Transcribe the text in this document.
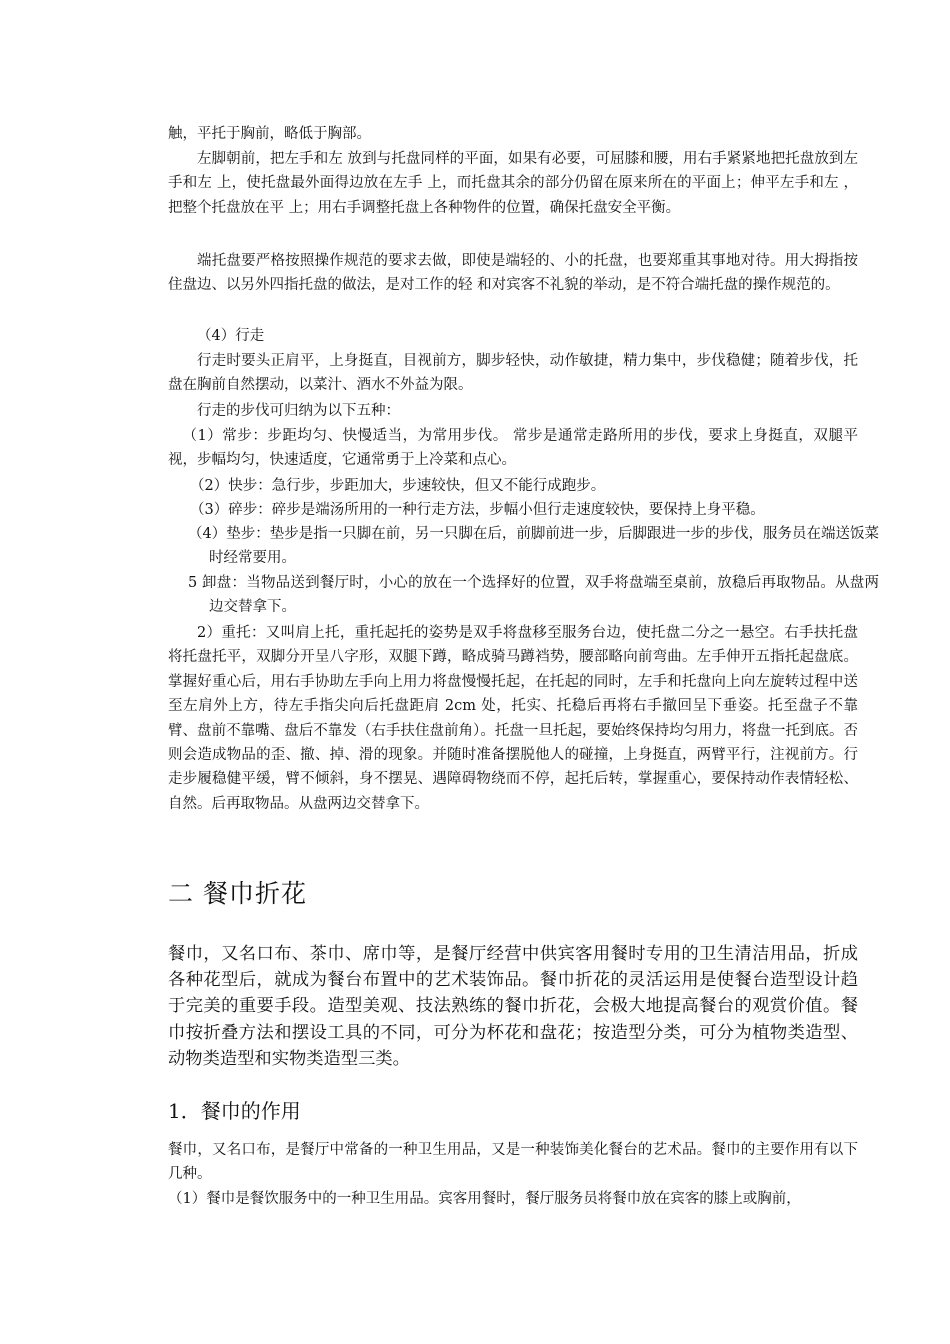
触，平托于胸前，略低于胸部。

左脚朝前，把左手和左 放到与托盘同样的平面，如果有必要，可屈膝和腰，用右手紧紧地把托盘放到左手和左 上，使托盘最外面得边放在左手 上，而托盘其余的部分仍留在原来所在的平面上；伸平左手和左 ，把整个托盘放在平 上；用右手调整托盘上各种物件的位置，确保托盘安全平衡。

端托盘要严格按照操作规范的要求去做，即使是端轻的、小的托盘，也要郑重其事地对待。用大拇指按住盘边、以另外四指托盘的做法，是对工作的轻 和对宾客不礼貌的举动，是不符合端托盘的操作规范的。

（4）行走

行走时要头正肩平，上身挺直，目视前方，脚步轻快，动作敏捷，精力集中，步伐稳健；随着步伐，托盘在胸前自然摆动，以菜汁、酒水不外益为限。

行走的步伐可归纳为以下五种：

（1）常步：步距均匀、快慢适当，为常用步伐。 常步是通常走路所用的步伐，要求上身挺直，双腿平视，步幅均匀，快速适度，它通常勇于上冷菜和点心。

（2）快步：急行步，步距加大，步速较快，但又不能行成跑步。

（3）碎步：碎步是端汤所用的一种行走方法，步幅小但行走速度较快，要保持上身平稳。

（4）垫步：垫步是指一只脚在前，另一只脚在后，前脚前进一步，后脚跟进一步的步伐，服务员在端送饭菜时经常要用。

5 卸盘：当物品送到餐厅时，小心的放在一个选择好的位置，双手将盘端至桌前，放稳后再取物品。从盘两边交替拿下。

2）重托：又叫肩上托，重托起托的姿势是双手将盘移至服务台边，使托盘二分之一悬空。右手扶托盘将托盘托平，双脚分开呈八字形，双腿下蹲，略成骑马蹲裆势，腰部略向前弯曲。左手伸开五指托起盘底。掌握好重心后，用右手协助左手向上用力将盘慢慢托起，在托起的同时，左手和托盘向上向左旋转过程中送至左肩外上方，待左手指尖向后托盘距肩 2cm 处，托实、托稳后再将右手撤回呈下垂姿。托至盘子不靠臂、盘前不靠嘴、盘后不靠发（右手扶住盘前角）。托盘一旦托起，要始终保持均匀用力，将盘一托到底。否则会造成物品的歪、撤、掉、滑的现象。并随时准备摆脱他人的碰撞，上身挺直，两臂平行，注视前方。行走步履稳健平缓，臂不倾斜，身不摆晃、遇障碍物绕而不停，起托后转，掌握重心，要保持动作表情轻松、自然。后再取物品。从盘两边交替拿下。

二 餐巾折花

餐巾，又名口布、茶巾、席巾等，是餐厅经营中供宾客用餐时专用的卫生清洁用品，折成各种花型后，就成为餐台布置中的艺术装饰品。餐巾折花的灵活运用是使餐台造型设计趋于完美的重要手段。造型美观、技法熟练的餐巾折花，会极大地提高餐台的观赏价值。餐巾按折叠方法和摆设工具的不同，可分为杯花和盘花；按造型分类，可分为植物类造型、动物类造型和实物类造型三类。

1．餐巾的作用

餐巾，又名口布，是餐厅中常备的一种卫生用品，又是一种装饰美化餐台的艺术品。餐巾的主要作用有以下几种。

（1）餐巾是餐饮服务中的一种卫生用品。宾客用餐时，餐厅服务员将餐巾放在宾客的膝上或胸前，
